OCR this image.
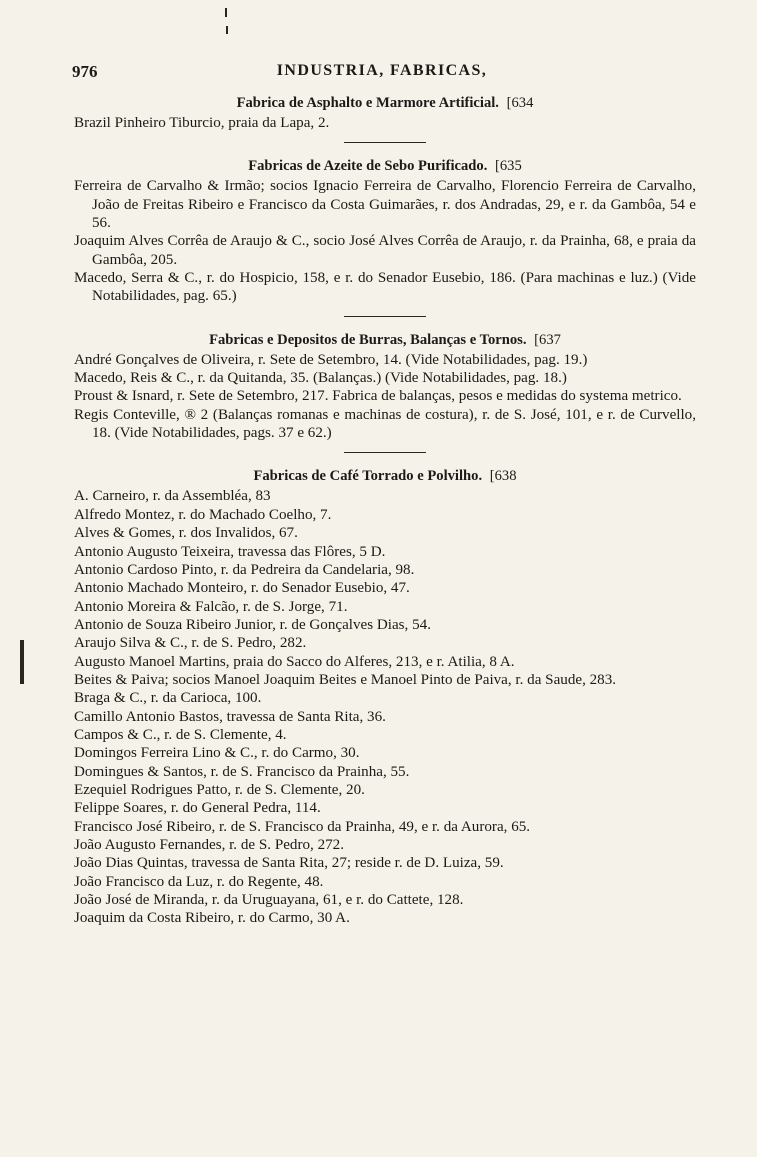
976	INDUSTRIA, FABRICAS,
Fabrica de Asphalto e Marmore Artificial. [634

Brazil Pinheiro Tiburcio, praia da Lapa, 2.

Fabricas de Azeite de Sebo Purificado. [635

Ferreira de Carvalho & Irmão; socios Ignacio Ferreira de Carvalho, Florencio Ferreira de Carvalho, João de Freitas Ribeiro e Francisco da Costa Guimarães, r. dos Andradas, 29, e r. da Gambôa, 54 e 56.

Joaquim Alves Corrêa de Araujo & C., socio José Alves Corrêa de Araujo, r. da Prainha, 68, e praia da Gambôa, 205.

Macedo, Serra & C., r. do Hospicio, 158, e r. do Senador Eusebio, 186. (Para machinas e luz.) (Vide Notabilidades, pag. 65.)

Fabricas e Depositos de Burras, Balanças e Tornos. [637

André Gonçalves de Oliveira, r. Sete de Setembro, 14. (Vide Notabilidades, pag. 19.)

Macedo, Reis & C., r. da Quitanda, 35. (Balanças.) (Vide Notabilidades, pag. 18.)

Proust & Isnard, r. Sete de Setembro, 217. Fabrica de balanças, pesos e medidas do systema metrico.

Regis Conteville, ® 2 (Balanças romanas e machinas de costura), r. de S. José, 101, e r. de Curvello, 18. (Vide Notabilidades, pags. 37 e 62.)

Fabricas de Café Torrado e Polvilho. [638

A. Carneiro, r. da Assembléa, 83

Alfredo Montez, r. do Machado Coelho, 7.

Alves & Gomes, r. dos Invalidos, 67.

Antonio Augusto Teixeira, travessa das Flôres, 5 D.

Antonio Cardoso Pinto, r. da Pedreira da Candelaria, 98.

Antonio Machado Monteiro, r. do Senador Eusebio, 47.

Antonio Moreira & Falcão, r. de S. Jorge, 71.

Antonio de Souza Ribeiro Junior, r. de Gonçalves Dias, 54.

Araujo Silva & C., r. de S. Pedro, 282.

Augusto Manoel Martins, praia do Sacco do Alferes, 213, e r. Atilia, 8 A.

Beites & Paiva; socios Manoel Joaquim Beites e Manoel Pinto de Paiva, r. da Saude, 283.

Braga & C., r. da Carioca, 100.

Camillo Antonio Bastos, travessa de Santa Rita, 36.

Campos & C., r. de S. Clemente, 4.

Domingos Ferreira Lino & C., r. do Carmo, 30.

Domingues & Santos, r. de S. Francisco da Prainha, 55.

Ezequiel Rodrigues Patto, r. de S. Clemente, 20.

Felippe Soares, r. do General Pedra, 114.

Francisco José Ribeiro, r. de S. Francisco da Prainha, 49, e r. da Aurora, 65.

João Augusto Fernandes, r. de S. Pedro, 272.

João Dias Quintas, travessa de Santa Rita, 27; reside r. de D. Luiza, 59.

João Francisco da Luz, r. do Regente, 48.

João José de Miranda, r. da Uruguayana, 61, e r. do Cattete, 128.

Joaquim da Costa Ribeiro, r. do Carmo, 30 A.
